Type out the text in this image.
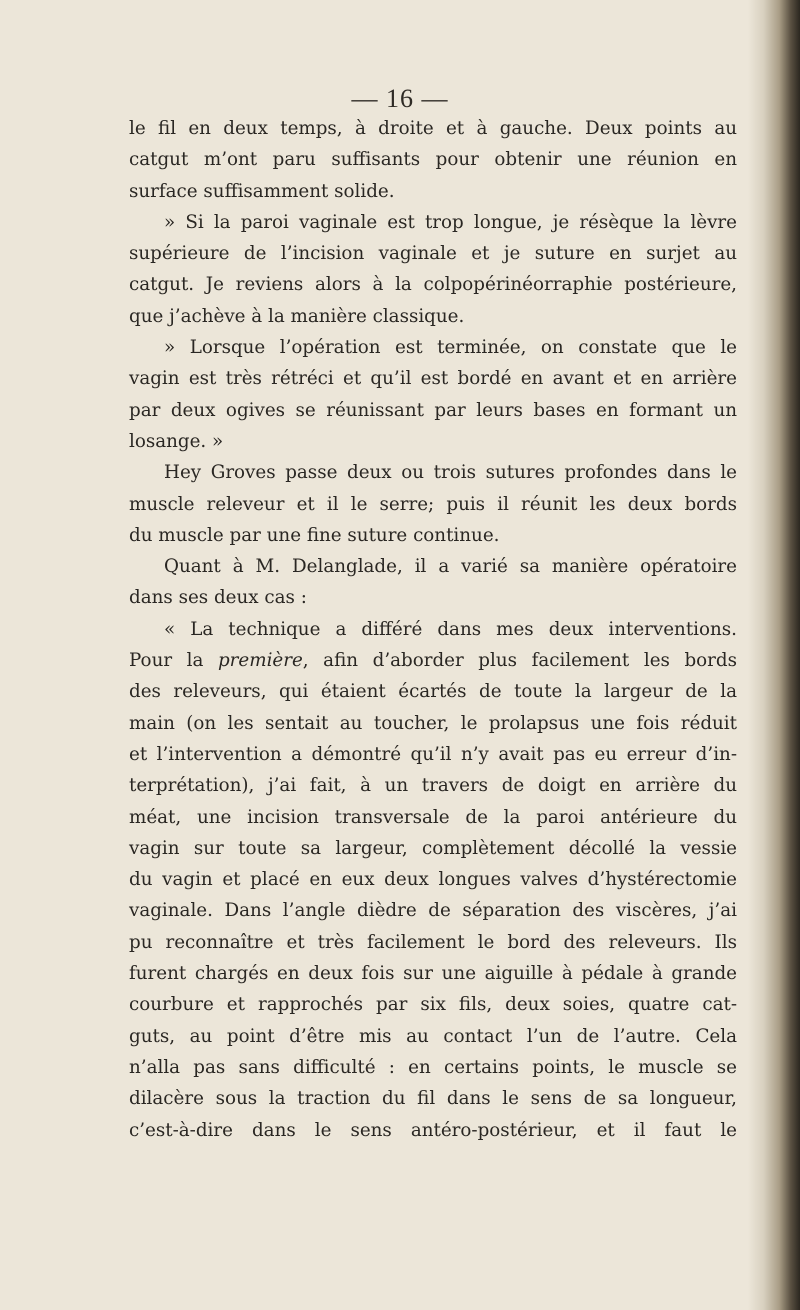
— 16 —
le fil en deux temps, à droite et à gauche. Deux points au
catgut m’ont paru suffisants pour obtenir une réunion en
surface suffisamment solide.
» Si la paroi vaginale est trop longue, je résèque la lèvre
supérieure de l’incision vaginale et je suture en surjet au
catgut. Je reviens alors à la colpopérinéorraphie postérieure,
que j’achève à la manière classique.
» Lorsque l’opération est terminée, on constate que le
vagin est très rétréci et qu’il est bordé en avant et en arrière
par deux ogives se réunissant par leurs bases en formant un
losange. »
Hey Groves passe deux ou trois sutures profondes dans le
muscle releveur et il le serre; puis il réunit les deux bords
du muscle par une fine suture continue.
Quant à M. Delanglade, il a varié sa manière opératoire
dans ses deux cas :
« La technique a différé dans mes deux interventions.
Pour la première, afin d’aborder plus facilement les bords
des releveurs, qui étaient écartés de toute la largeur de la
main (on les sentait au toucher, le prolapsus une fois réduit
et l’intervention a démontré qu’il n’y avait pas eu erreur d’in-
terprétation), j’ai fait, à un travers de doigt en arrière du
méat, une incision transversale de la paroi antérieure du
vagin sur toute sa largeur, complètement décollé la vessie
du vagin et placé en eux deux longues valves d’hystérectomie
vaginale. Dans l’angle dièdre de séparation des viscères, j’ai
pu reconnaître et très facilement le bord des releveurs. Ils
furent chargés en deux fois sur une aiguille à pédale à grande
courbure et rapprochés par six fils, deux soies, quatre cat-
guts, au point d’être mis au contact l’un de l’autre. Cela
n’alla pas sans difficulté : en certains points, le muscle se
dilacère sous la traction du fil dans le sens de sa longueur,
c’est-à-dire dans le sens antéro-postérieur, et il faut le
